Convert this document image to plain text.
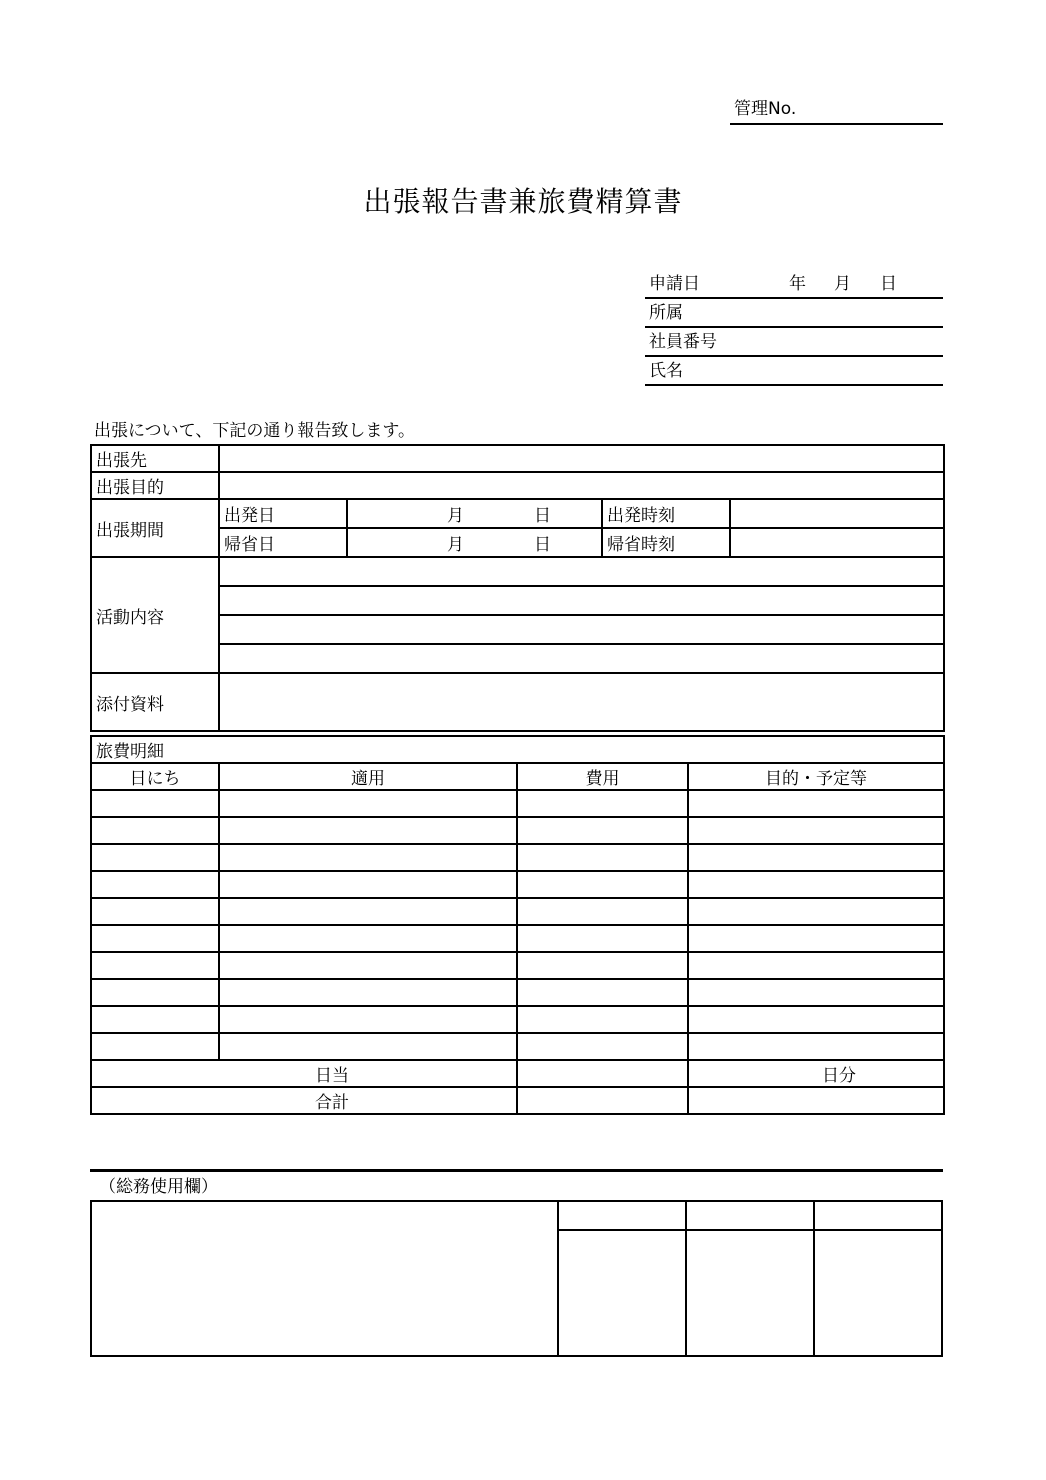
管理No.
出張報告書兼旅費精算書
申請日	年 月 日
所属
社員番号
氏名
出張について、下記の通り報告致します。
出張先				
出張目的				
出張期間	出発日	月 日	出発時刻	
	帰省日	月 日	帰省時刻	
活動内容				

添付資料				
旅費明細			
日にち	適用	費用	目的・予定等

日当			日分
合計			
（総務使用欄）
